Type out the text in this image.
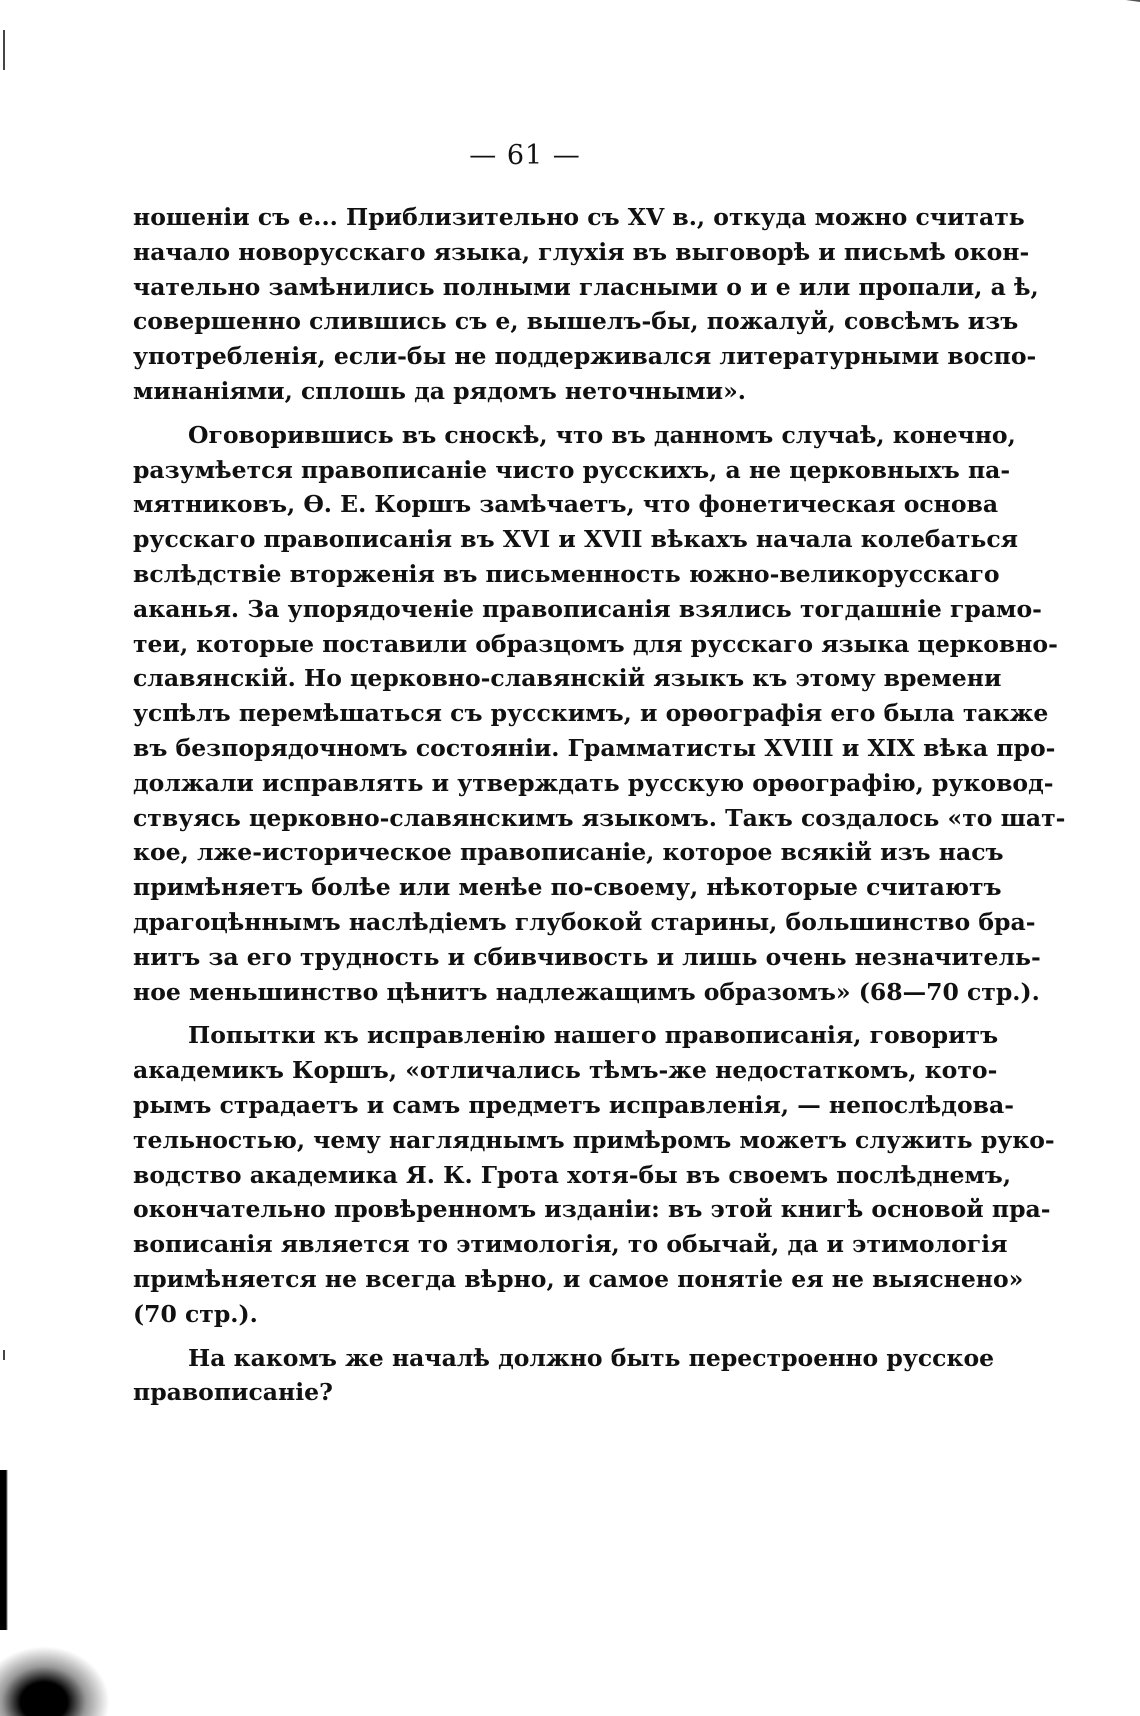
— 61 —
ношеніи съ е... Приблизительно съ XV в., откуда можно считать
начало новорусскаго языка, глухія въ выговорѣ и письмѣ окон-
чательно замѣнились полными гласными о и е или пропали, а ѣ,
совершенно слившись съ е, вышелъ-бы, пожалуй, совсѣмъ изъ
употребленія, если-бы не поддерживался литературными воспо-
минаніями, сплошь да рядомъ неточными».
Оговорившись въ сноскѣ, что въ данномъ случаѣ, конечно,
разумѣется правописаніе чисто русскихъ, а не церковныхъ па-
мятниковъ, Ѳ. Е. Коршъ замѣчаетъ, что фонетическая основа
русскаго правописанія въ XVI и XVII вѣкахъ начала колебаться
вслѣдствіе вторженія въ письменность южно-великорусскаго
аканья. За упорядоченіе правописанія взялись тогдашніе грамо-
теи, которые поставили образцомъ для русскаго языка церковно-
славянскій. Но церковно-славянскій языкъ къ этому времени
успѣлъ перемѣшаться съ русскимъ, и орѳографія его была также
въ безпорядочномъ состояніи. Грамматисты XVIII и XIX вѣка про-
должали исправлять и утверждать русскую орѳографію, руковод-
ствуясь церковно-славянскимъ языкомъ. Такъ создалось «то шат-
кое, лже-историческое правописаніе, которое всякій изъ насъ
примѣняетъ болѣе или менѣе по-своему, нѣкоторые считаютъ
драгоцѣннымъ наслѣдіемъ глубокой старины, большинство бра-
нитъ за его трудность и сбивчивость и лишь очень незначитель-
ное меньшинство цѣнитъ надлежащимъ образомъ» (68—70 стр.).
Попытки къ исправленію нашего правописанія, говоритъ
академикъ Коршъ, «отличались тѣмъ-же недостаткомъ, кото-
рымъ страдаетъ и самъ предметъ исправленія, — непослѣдова-
тельностью, чему нагляднымъ примѣромъ можетъ служить руко-
водство академика Я. К. Грота хотя-бы въ своемъ послѣднемъ,
окончательно провѣренномъ изданіи: въ этой книгѣ основой пра-
вописанія является то этимологія, то обычай, да и этимологія
примѣняется не всегда вѣрно, и самое понятіе ея не выяснено»
(70 стр.).
На какомъ же началѣ должно быть перестроенно русское
правописаніе?
